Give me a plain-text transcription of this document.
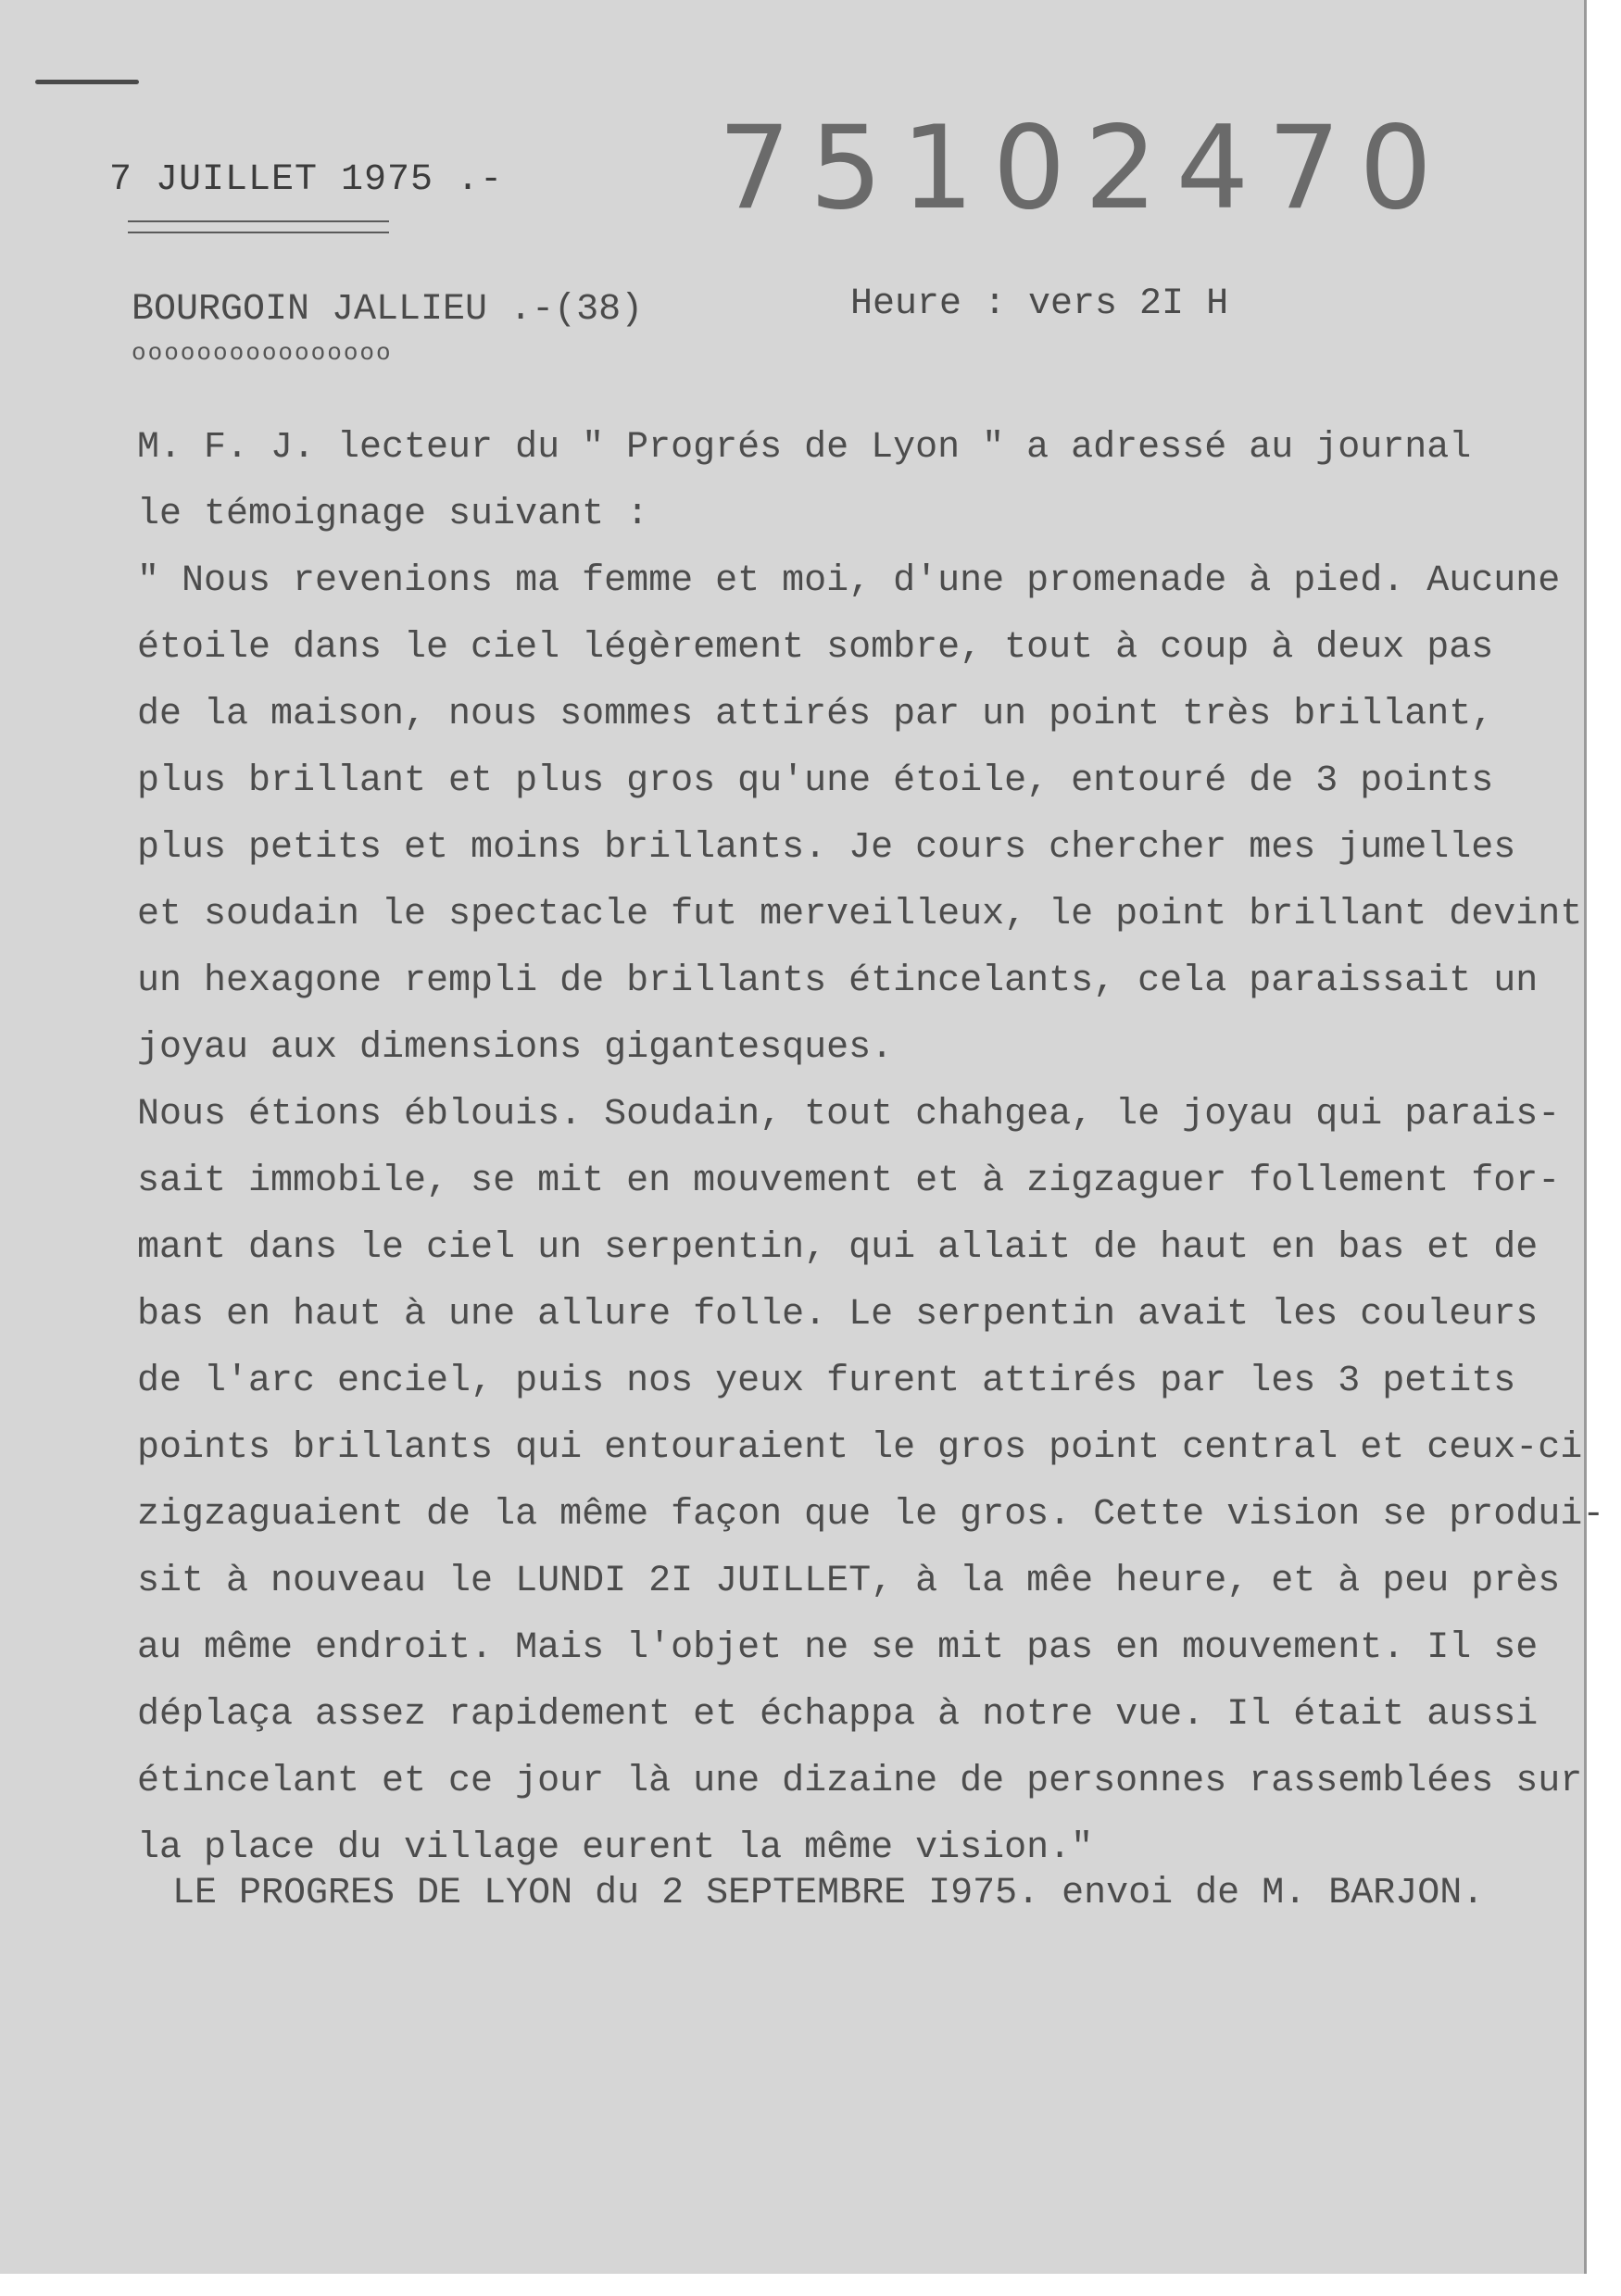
7 JUILLET 1975 .- 75102470
BOURGOIN JALLIEU .-(38)
oooooooooooooooo
Heure : vers 2I H
M. F. J. lecteur du " Progrés de Lyon " a adressé au journal
le témoignage suivant :
" Nous revenions ma femme et moi, d'une promenade à pied. Aucune
étoile dans le ciel légèrement sombre, tout à coup à deux pas
de la maison, nous sommes attirés par un point très brillant,
plus brillant et plus gros qu'une étoile, entouré de 3 points
plus petits et moins brillants. Je cours chercher mes jumelles
et soudain le spectacle fut merveilleux, le point brillant devint
un hexagone rempli de brillants étincelants, cela paraissait un
joyau aux dimensions gigantesques.
Nous étions éblouis. Soudain, tout chahgea, le joyau qui parais-
sait immobile, se mit en mouvement et à zigzaguer follement for-
mant dans le ciel un serpentin, qui allait de haut en bas et de
bas en haut à une allure folle. Le serpentin avait les couleurs
de l'arc enciel, puis nos yeux furent attirés par les 3 petits
points brillants qui entouraient le gros point central et ceux-ci
zigzaguaient de la même façon que le gros. Cette vision se produi-
sit à nouveau le LUNDI 2I JUILLET, à la mêe heure, et à peu près
au même endroit. Mais l'objet ne se mit pas en mouvement. Il se
déplaça assez rapidement et échappa à notre vue. Il était aussi
étincelant et ce jour là une dizaine de personnes rassemblées sur
la place du village eurent la même vision."
LE PROGRES DE LYON du 2 SEPTEMBRE I975. envoi de M. BARJON.
